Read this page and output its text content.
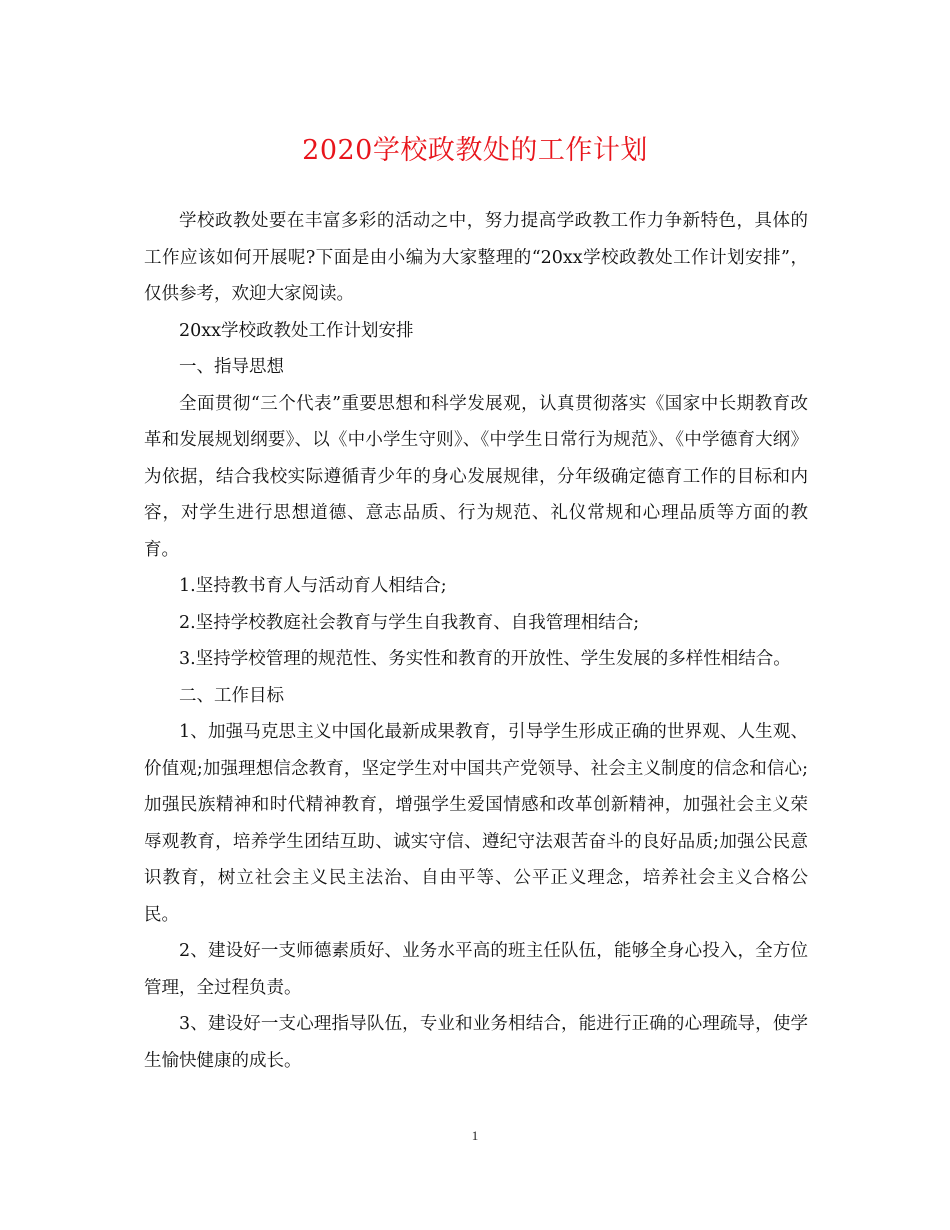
2020学校政教处的工作计划

学校政教处要在丰富多彩的活动之中，努力提高学政教工作力争新特色，具体的工作应该如何开展呢?下面是由小编为大家整理的“20xx学校政教处工作计划安排”，仅供参考，欢迎大家阅读。

20xx学校政教处工作计划安排

一、指导思想

全面贯彻“三个代表”重要思想和科学发展观，认真贯彻落实《国家中长期教育改革和发展规划纲要》、以《中小学生守则》、《中学生日常行为规范》、《中学德育大纲》为依据，结合我校实际遵循青少年的身心发展规律，分年级确定德育工作的目标和内容，对学生进行思想道德、意志品质、行为规范、礼仪常规和心理品质等方面的教育。

1.坚持教书育人与活动育人相结合;

2.坚持学校教庭社会教育与学生自我教育、自我管理相结合;

3.坚持学校管理的规范性、务实性和教育的开放性、学生发展的多样性相结合。

二、工作目标

1、加强马克思主义中国化最新成果教育，引导学生形成正确的世界观、人生观、价值观;加强理想信念教育，坚定学生对中国共产党领导、社会主义制度的信念和信心;加强民族精神和时代精神教育，增强学生爱国情感和改革创新精神，加强社会主义荣辱观教育，培养学生团结互助、诚实守信、遵纪守法艰苦奋斗的良好品质;加强公民意识教育，树立社会主义民主法治、自由平等、公平正义理念，培养社会主义合格公民。

2、建设好一支师德素质好、业务水平高的班主任队伍，能够全身心投入，全方位管理，全过程负责。

3、建设好一支心理指导队伍，专业和业务相结合，能进行正确的心理疏导，使学生愉快健康的成长。

1
